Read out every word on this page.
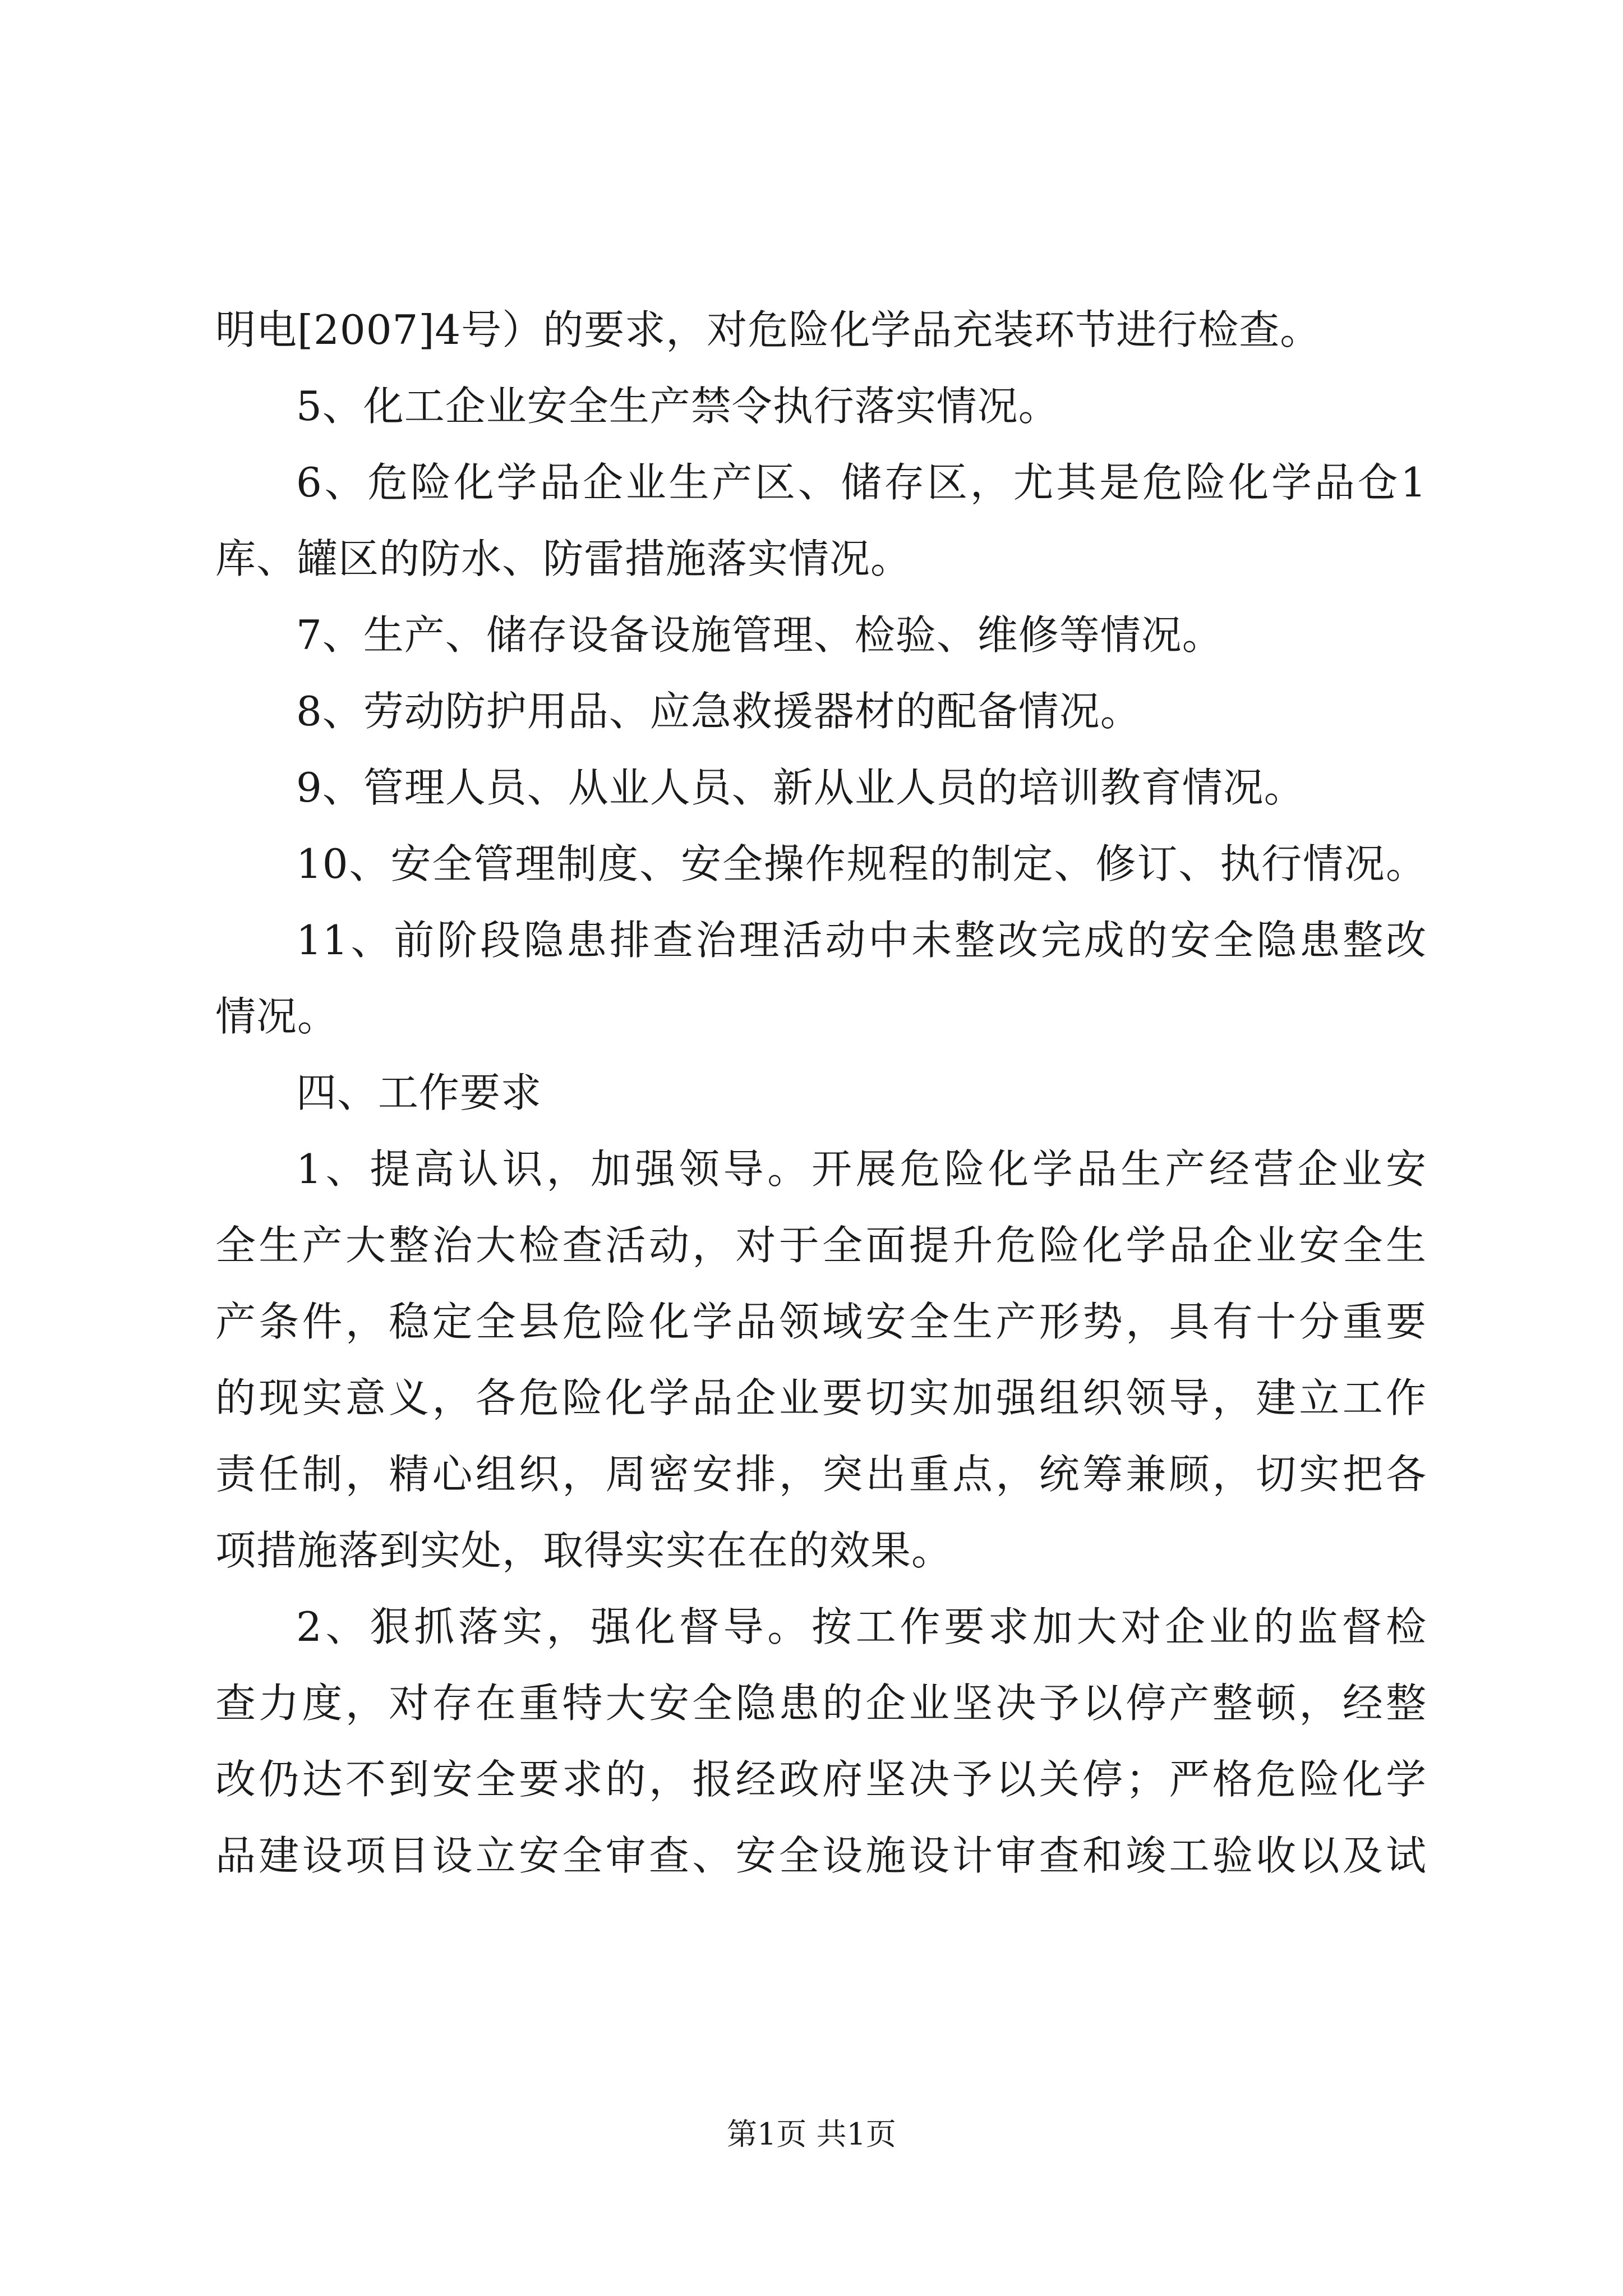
明电[2007]4号）的要求，对危险化学品充装环节进行检查。
5、化工企业安全生产禁令执行落实情况。
6、危险化学品企业生产区、储存区，尤其是危险化学品仓1
库、罐区的防水、防雷措施落实情况。
7、生产、储存设备设施管理、检验、维修等情况。
8、劳动防护用品、应急救援器材的配备情况。
9、管理人员、从业人员、新从业人员的培训教育情况。
10、安全管理制度、安全操作规程的制定、修订、执行情况。
11、前阶段隐患排查治理活动中未整改完成的安全隐患整改
情况。
四、工作要求
1、提高认识，加强领导。开展危险化学品生产经营企业安
全生产大整治大检查活动，对于全面提升危险化学品企业安全生
产条件，稳定全县危险化学品领域安全生产形势，具有十分重要
的现实意义，各危险化学品企业要切实加强组织领导，建立工作
责任制，精心组织，周密安排，突出重点，统筹兼顾，切实把各
项措施落到实处，取得实实在在的效果。
2、狠抓落实，强化督导。按工作要求加大对企业的监督检
查力度，对存在重特大安全隐患的企业坚决予以停产整顿，经整
改仍达不到安全要求的，报经政府坚决予以关停；严格危险化学
品建设项目设立安全审查、安全设施设计审查和竣工验收以及试
第1页 共1页
